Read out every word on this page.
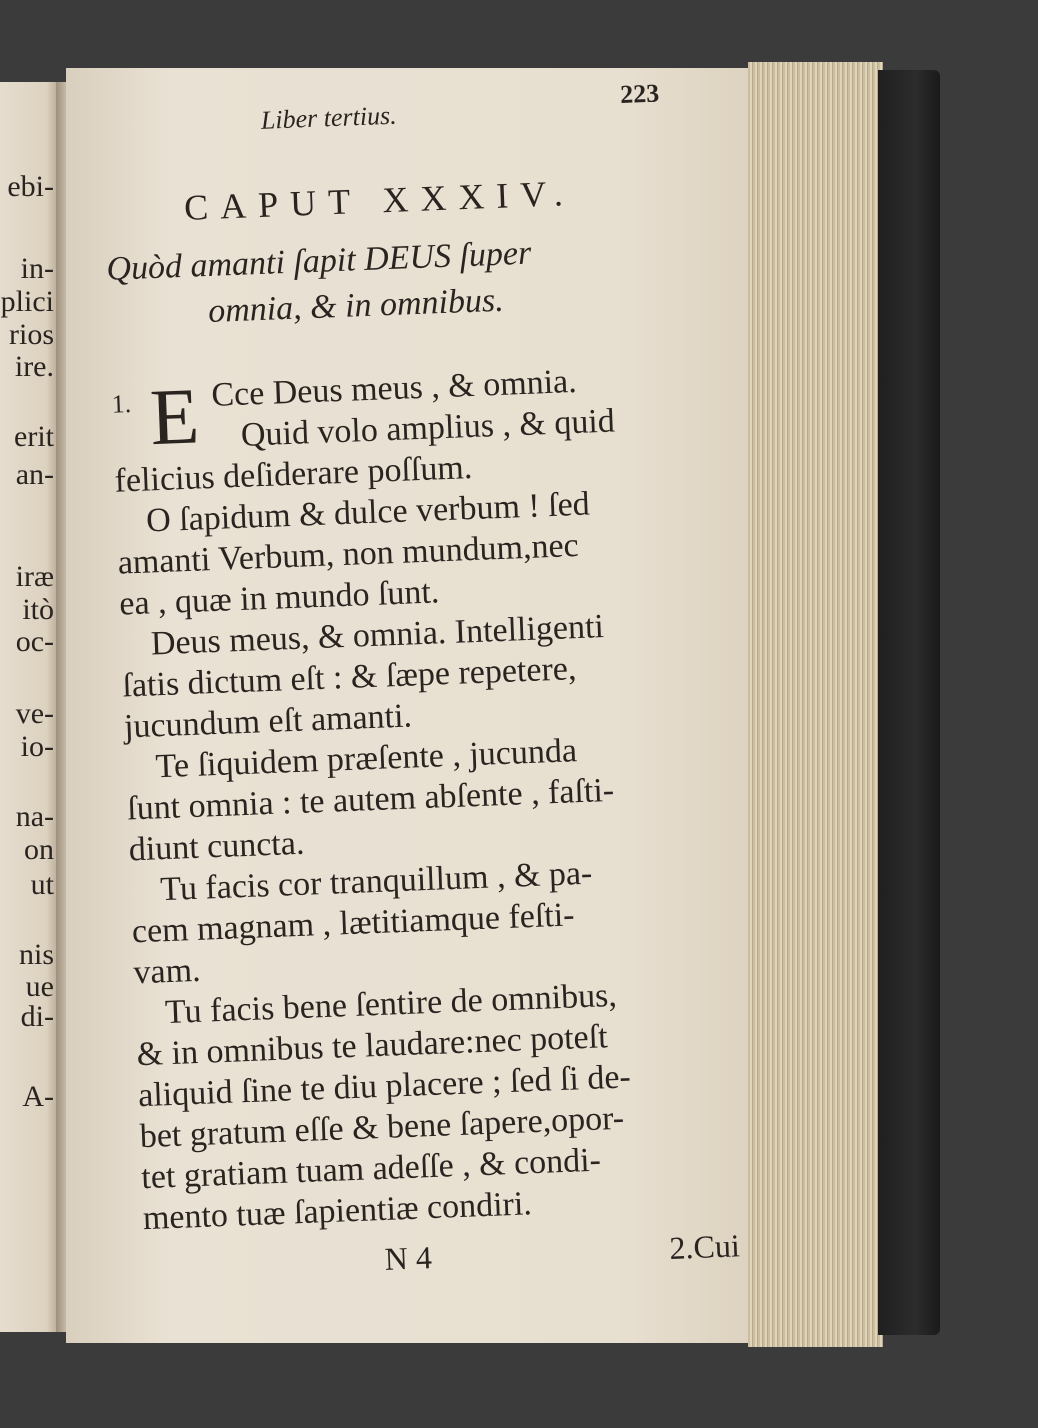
ebi-
in-
plici
rios
ire.
erit
an-
iræ
itò
oc-
ve-
io-
na-
on
ut
nis
ue
di-
A-
Liber tertius.
223
CAPUT XXXIV.
Quòd amanti ſapit DEUS ſuper
omnia, & in omnibus.
1. E
N 4	2.Cui
Cce Deus meus , & omnia.
Quid volo amplius , & quid
felicius deſiderare poſſum.
O ſapidum & dulce verbum ! ſed
amanti Verbum, non mundum,nec
ea , quæ in mundo ſunt.
Deus meus, & omnia. Intelligenti
ſatis dictum eſt : & ſæpe repetere,
jucundum eſt amanti.
Te ſiquidem præſente , jucunda
ſunt omnia : te autem abſente , faſti-
diunt cuncta.
Tu facis cor tranquillum , & pa-
cem magnam , lætitiamque feſti-
vam.
Tu facis bene ſentire de omnibus,
& in omnibus te laudare:nec poteſt
aliquid ſine te diu placere ; ſed ſi de-
bet gratum eſſe & bene ſapere,opor-
tet gratiam tuam adeſſe , & condi-
mento tuæ ſapientiæ condiri.
